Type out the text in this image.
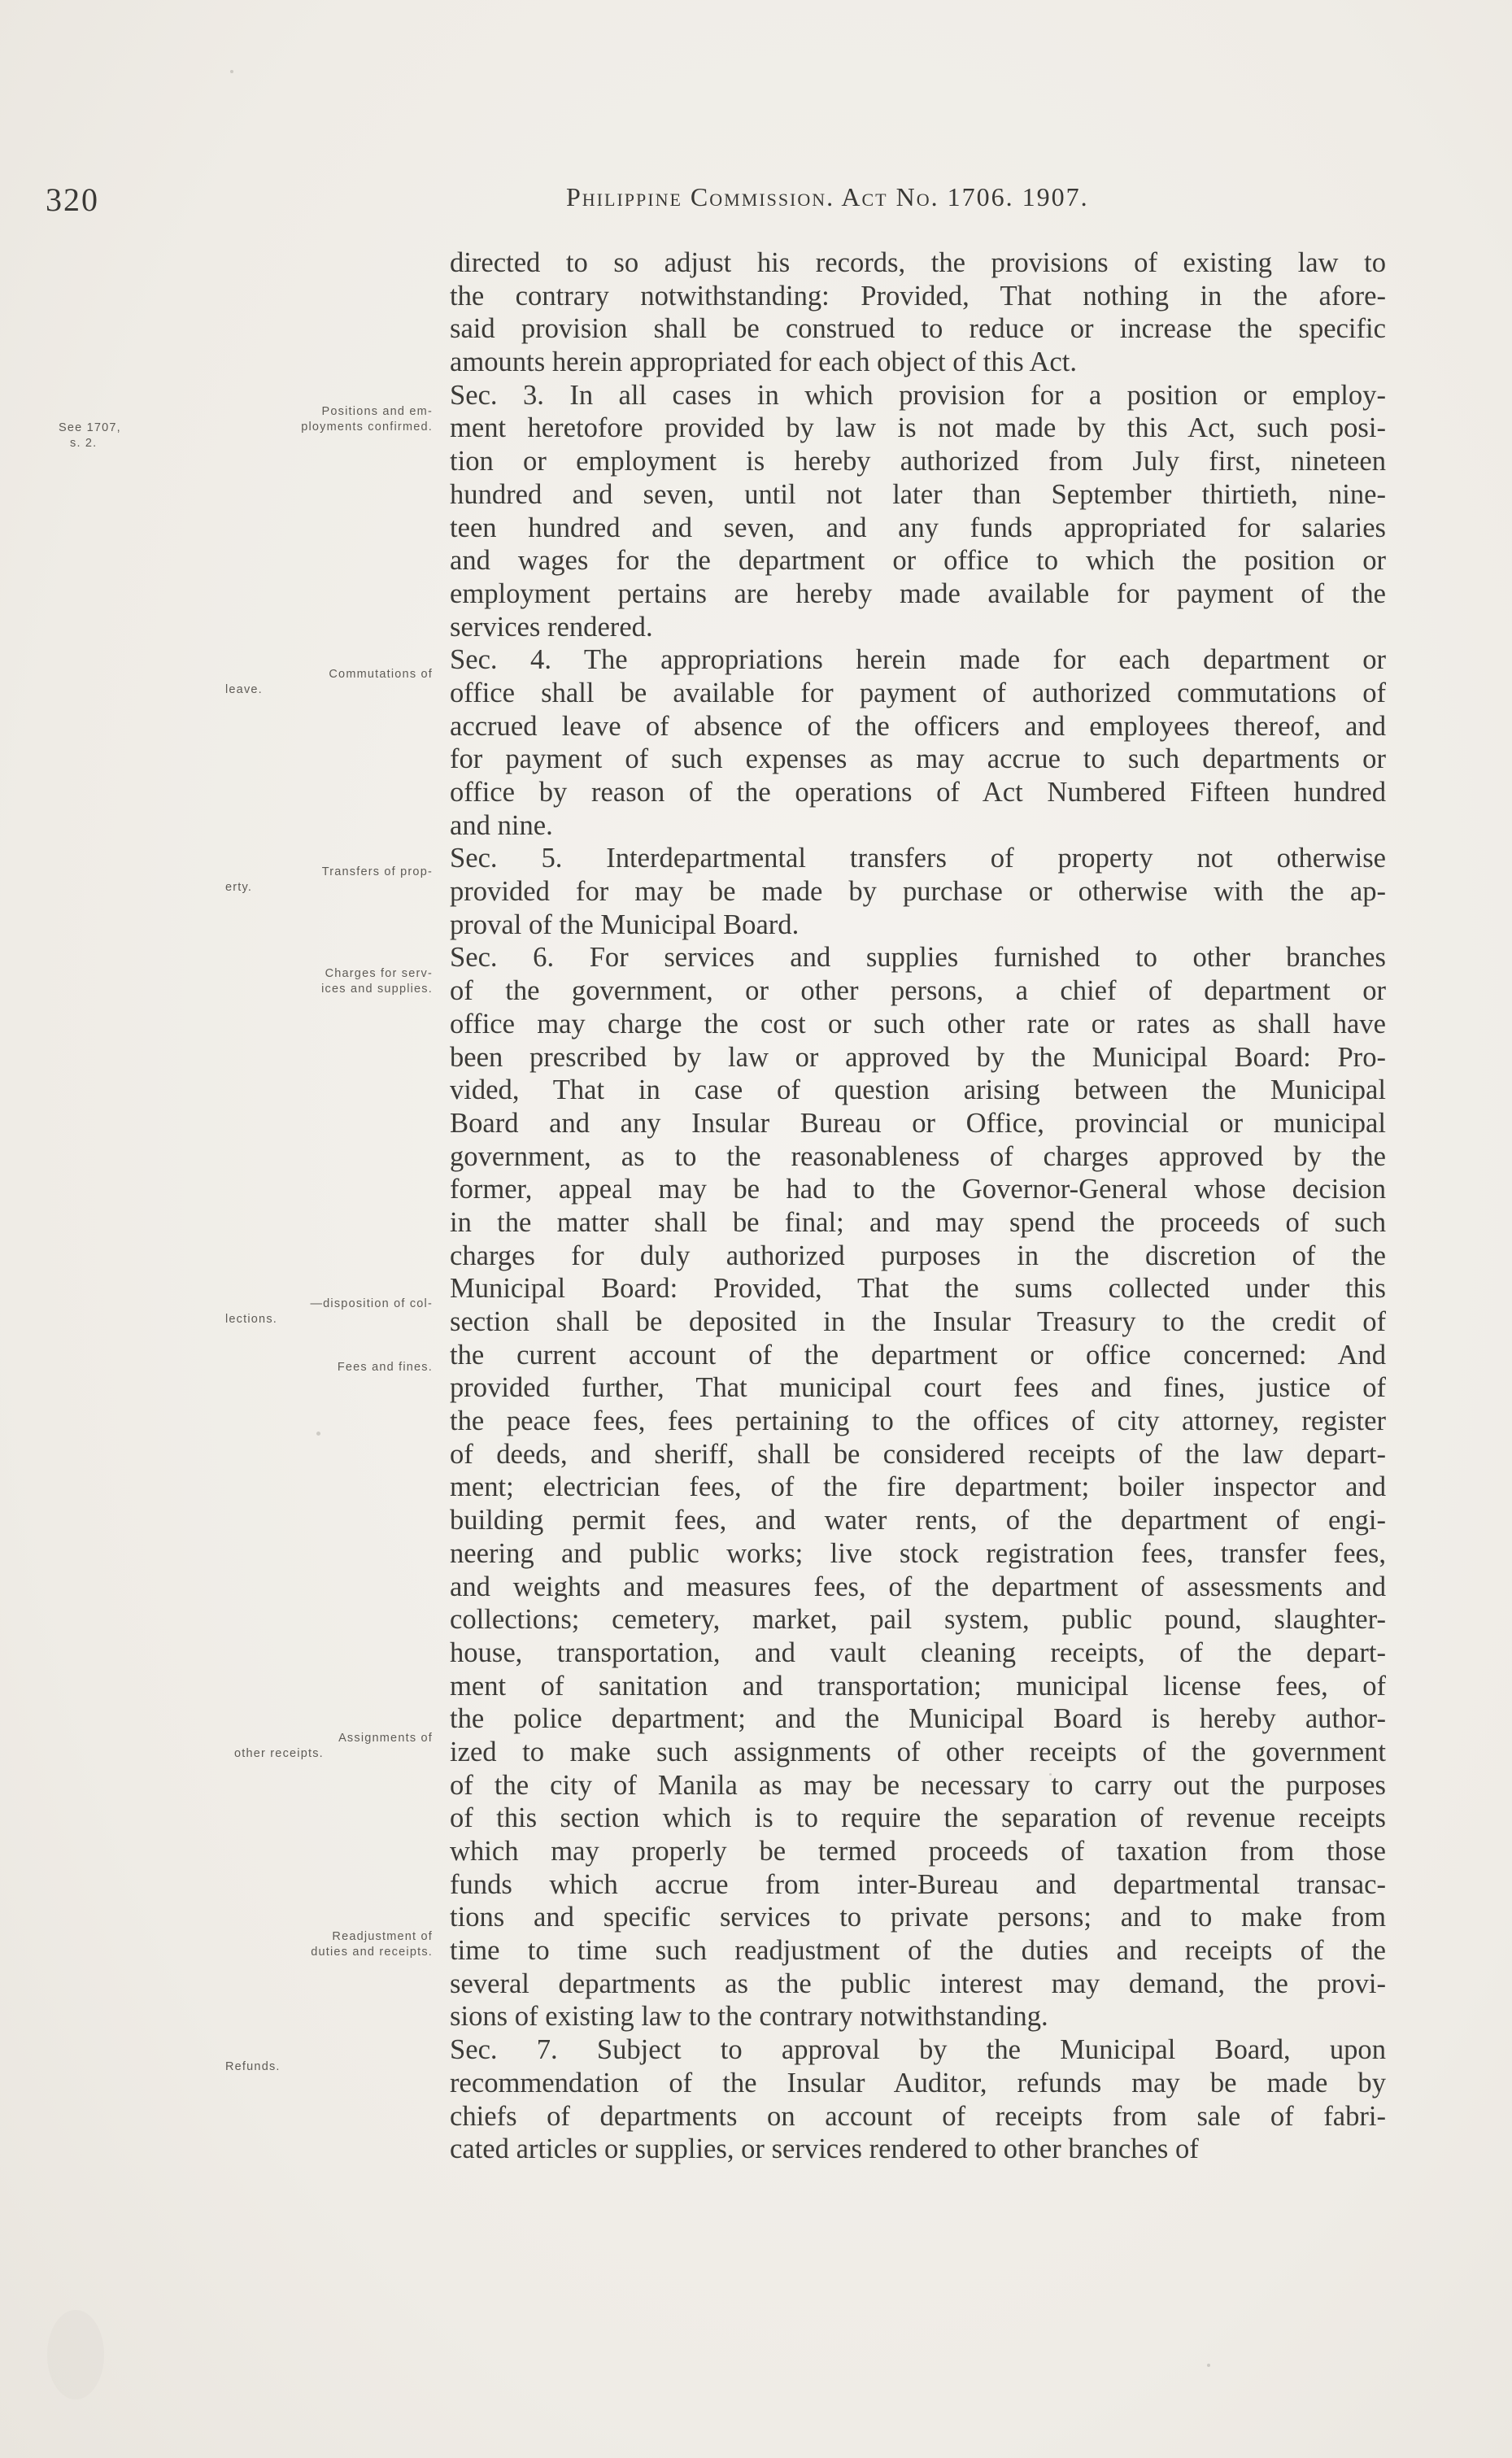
320	Philippine Commission. Act No. 1706. 1907.
See 1707,
s. 2.
Positions and em-
ployments confirmed.
Commutations of
leave.
Transfers of prop-
erty.
Charges for serv-
ices and supplies.
—disposition of col-
lections.
Fees and fines.
Assignments of
other receipts.
Readjustment of
duties and receipts.
Refunds.
directed to so adjust his records, the provisions of existing law to
the contrary notwithstanding: Provided, That nothing in the afore-
said provision shall be construed to reduce or increase the specific
amounts herein appropriated for each object of this Act.
Sec. 3. In all cases in which provision for a position or employ-
ment heretofore provided by law is not made by this Act, such posi-
tion or employment is hereby authorized from July first, nineteen
hundred and seven, until not later than September thirtieth, nine-
teen hundred and seven, and any funds appropriated for salaries
and wages for the department or office to which the position or
employment pertains are hereby made available for payment of the
services rendered.
Sec. 4. The appropriations herein made for each department or
office shall be available for payment of authorized commutations of
accrued leave of absence of the officers and employees thereof, and
for payment of such expenses as may accrue to such departments or
office by reason of the operations of Act Numbered Fifteen hundred
and nine.
Sec. 5. Interdepartmental transfers of property not otherwise
provided for may be made by purchase or otherwise with the ap-
proval of the Municipal Board.
Sec. 6. For services and supplies furnished to other branches
of the government, or other persons, a chief of department or
office may charge the cost or such other rate or rates as shall have
been prescribed by law or approved by the Municipal Board: Pro-
vided, That in case of question arising between the Municipal
Board and any Insular Bureau or Office, provincial or municipal
government, as to the reasonableness of charges approved by the
former, appeal may be had to the Governor-General whose decision
in the matter shall be final; and may spend the proceeds of such
charges for duly authorized purposes in the discretion of the
Municipal Board: Provided, That the sums collected under this
section shall be deposited in the Insular Treasury to the credit of
the current account of the department or office concerned: And
provided further, That municipal court fees and fines, justice of
the peace fees, fees pertaining to the offices of city attorney, register
of deeds, and sheriff, shall be considered receipts of the law depart-
ment; electrician fees, of the fire department; boiler inspector and
building permit fees, and water rents, of the department of engi-
neering and public works; live stock registration fees, transfer fees,
and weights and measures fees, of the department of assessments and
collections; cemetery, market, pail system, public pound, slaughter-
house, transportation, and vault cleaning receipts, of the depart-
ment of sanitation and transportation; municipal license fees, of
the police department; and the Municipal Board is hereby author-
ized to make such assignments of other receipts of the government
of the city of Manila as may be necessary to carry out the purposes
of this section which is to require the separation of revenue receipts
which may properly be termed proceeds of taxation from those
funds which accrue from inter-Bureau and departmental transac-
tions and specific services to private persons; and to make from
time to time such readjustment of the duties and receipts of the
several departments as the public interest may demand, the provi-
sions of existing law to the contrary notwithstanding.
Sec. 7. Subject to approval by the Municipal Board, upon
recommendation of the Insular Auditor, refunds may be made by
chiefs of departments on account of receipts from sale of fabri-
cated articles or supplies, or services rendered to other branches of
